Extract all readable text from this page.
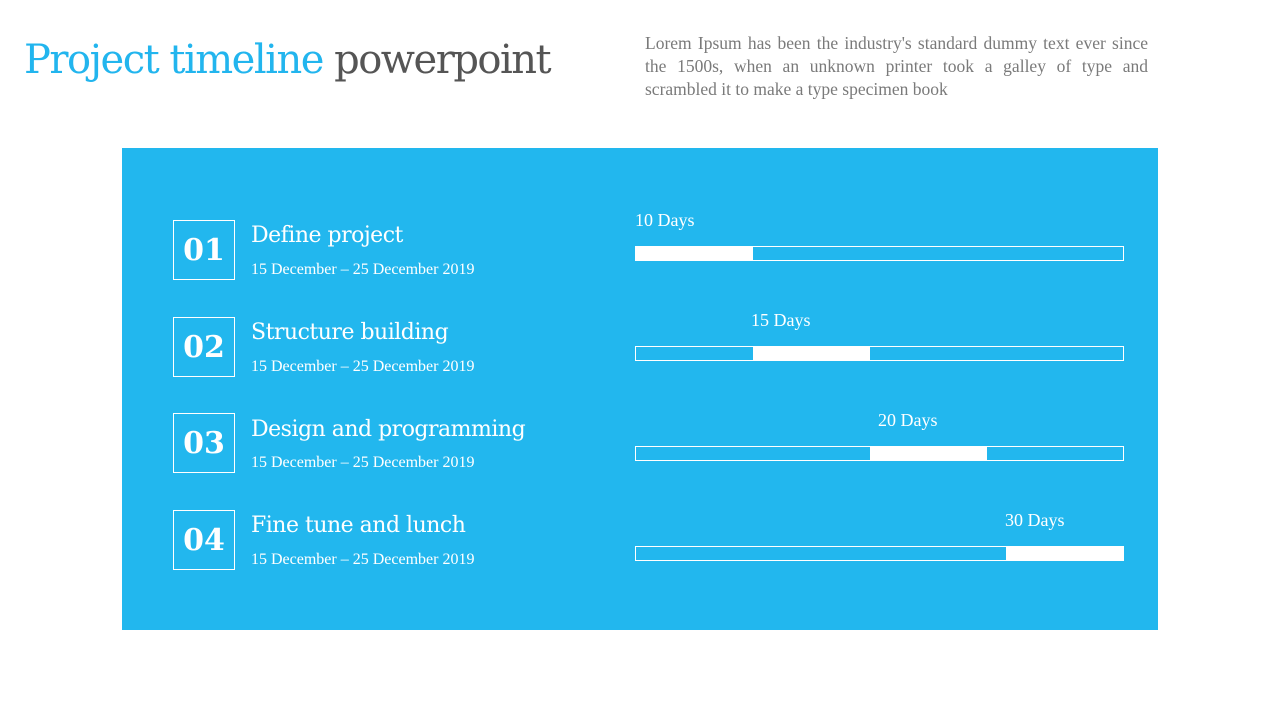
Project timeline powerpoint	Lorem Ipsum has been the industry's standard dummy text ever since the 1500s, when an unknown printer took a galley of type and scrambled it to make a type specimen book

01	Define project
15 December – 25 December 2019
10 Days
02	Structure building
15 December – 25 December 2019
15 Days
03	Design and programming
15 December – 25 December 2019
20 Days
04	Fine tune and lunch
15 December – 25 December 2019
30 Days
